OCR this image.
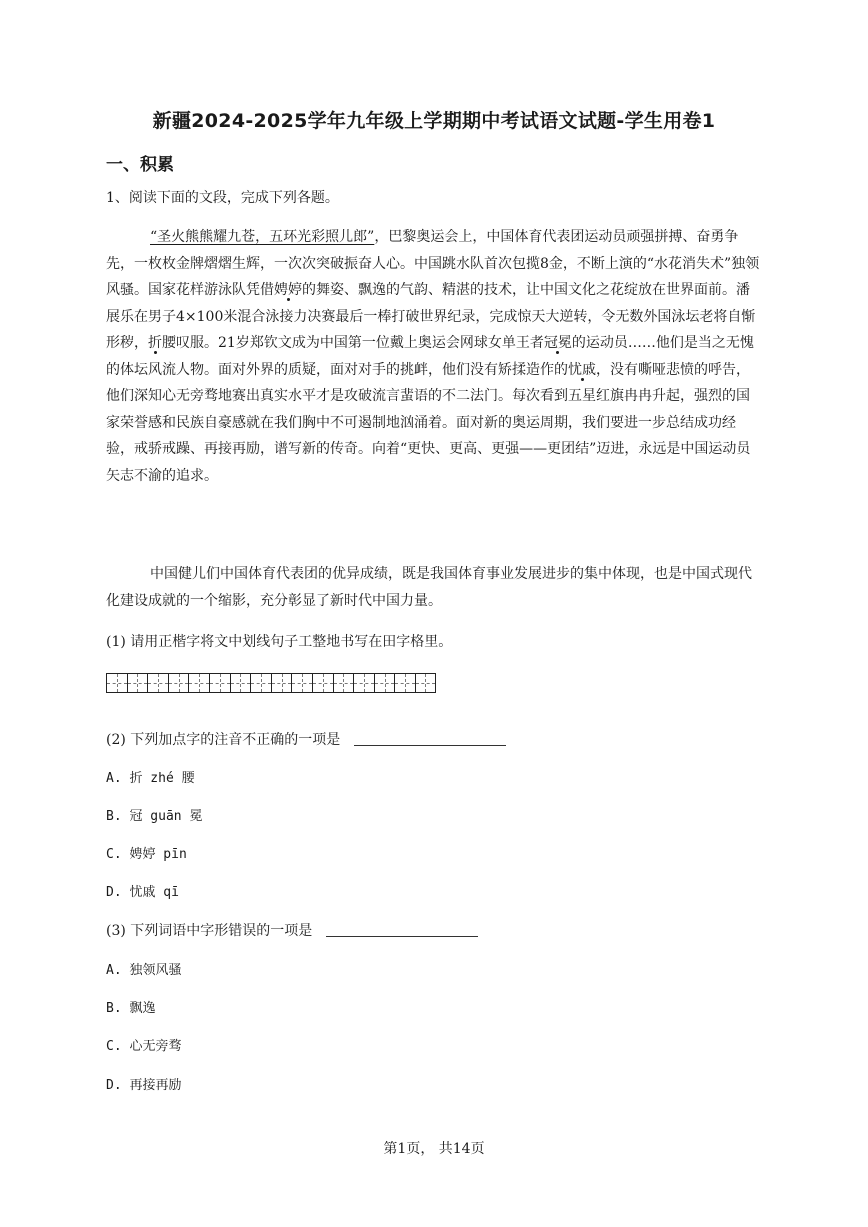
新疆2024-2025学年九年级上学期期中考试语文试题-学生用卷1
一、积累
1、阅读下面的文段，完成下列各题。
“圣火熊熊耀九苍，五环光彩照儿郎”，巴黎奥运会上，中国体育代表团运动员顽强拼搏、奋勇争先，一枚枚金牌熠熠生辉，一次次突破振奋人心。中国跳水队首次包揽8金，不断上演的“水花消失术”独领风骚。国家花样游泳队凭借娉婷的舞姿、飘逸的气韵、精湛的技术，让中国文化之花绽放在世界面前。潘展乐在男子4×100米混合泳接力决赛最后一棒打破世界纪录，完成惊天大逆转，令无数外国泳坛老将自惭形秽，折腰叹服。21岁郑钦文成为中国第一位戴上奥运会网球女单王者冠冕的运动员……他们是当之无愧的体坛风流人物。面对外界的质疑，面对对手的挑衅，他们没有矫揉造作的忧戚，没有嘶哑悲愤的呼告，他们深知心无旁骛地赛出真实水平才是攻破流言蜚语的不二法门。每次看到五星红旗冉冉升起，强烈的国家荣誉感和民族自豪感就在我们胸中不可遏制地汹涌着。面对新的奥运周期，我们要进一步总结成功经验，戒骄戒躁、再接再励，谱写新的传奇。向着“更快、更高、更强——更团结”迈进，永远是中国运动员矢志不渝的追求。
中国健儿们中国体育代表团的优异成绩，既是我国体育事业发展进步的集中体现，也是中国式现代化建设成就的一个缩影，充分彰显了新时代中国力量。
(1) 请用正楷字将文中划线句子工整地书写在田字格里。
(2) 下列加点字的注音不正确的一项是
A. 折 zhé 腰
B. 冠 guān 冕
C. 娉婷 pīn
D. 忧戚 qī
(3) 下列词语中字形错误的一项是
A. 独领风骚
B. 飘逸
C. 心无旁骛
D. 再接再励
第1页， 共14页
